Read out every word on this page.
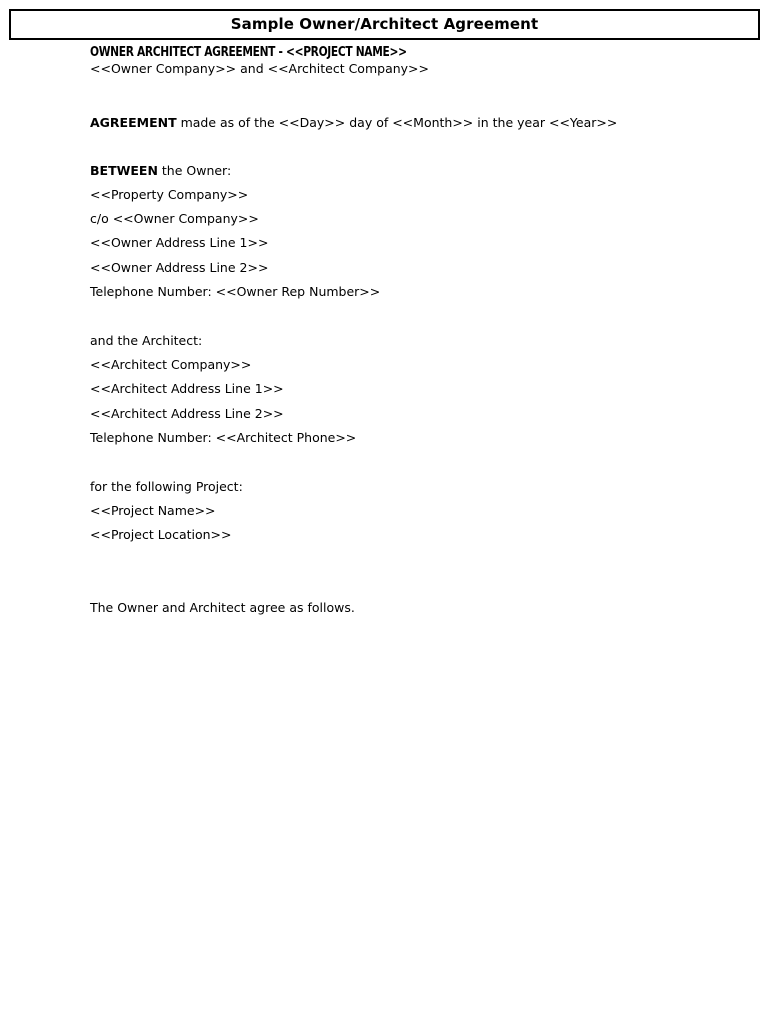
Sample Owner/Architect Agreement
OWNER ARCHITECT AGREEMENT - <<PROJECT NAME>>
<<Owner Company>> and <<Architect Company>>
AGREEMENT made as of the <<Day>> day of <<Month>> in the year <<Year>>
BETWEEN the Owner:
<<Property Company>>
c/o <<Owner Company>>
<<Owner Address Line 1>>
<<Owner Address Line 2>>
Telephone Number: <<Owner Rep Number>>
and the Architect:
<<Architect Company>>
<<Architect Address Line 1>>
<<Architect Address Line 2>>
Telephone Number: <<Architect Phone>>
for the following Project:
<<Project Name>>
<<Project Location>>
The Owner and Architect agree as follows.
